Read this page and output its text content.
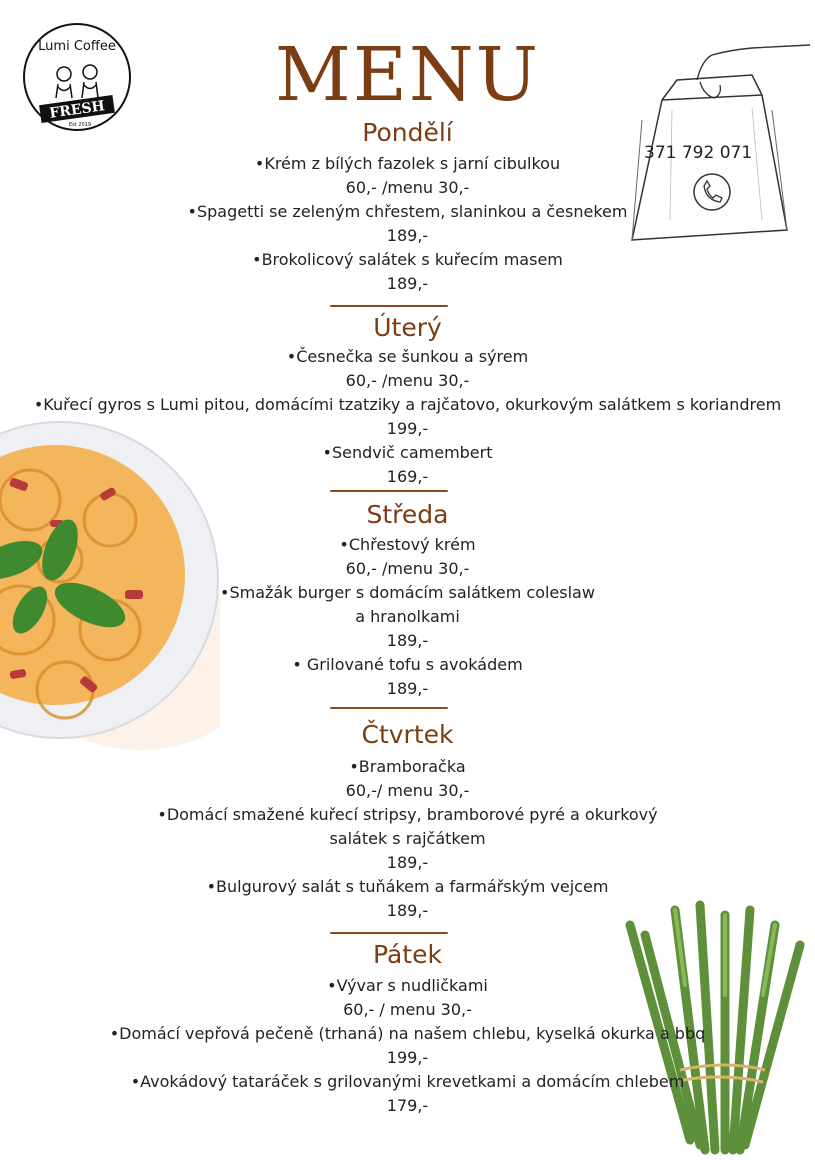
Lumi Coffee
FRESH
Est 2019
MENU
371 792 071
Pondělí
•Krém z bílých fazolek s jarní cibulkou
60,- /menu 30,-
•Spagetti se zeleným chřestem, slaninkou a česnekem
189,-
•Brokolicový salátek s kuřecím masem
189,-
Úterý
•Česnečka se šunkou a sýrem
60,- /menu 30,-
•Kuřecí gyros s Lumi pitou, domácími tzatziky a rajčatovo, okurkovým salátkem s koriandrem
199,-
•Sendvič camembert
169,-
Středa
•Chřestový krém
60,- /menu 30,-
•Smažák burger s domácím salátkem coleslaw
a hranolkami
189,-
• Grilované tofu s avokádem
189,-
Čtvrtek
•Bramboračka
60,-/ menu 30,-
•Domácí smažené kuřecí stripsy, bramborové pyré a okurkový
salátek s rajčátkem
189,-
•Bulgurový salát s tuňákem a farmářským vejcem
189,-
Pátek
•Vývar s nudličkami
60,- / menu 30,-
•Domácí vepřová pečeně (trhaná) na našem chlebu, kyselká okurka a bbq
199,-
•Avokádový tataráček s grilovanými krevetkami a domácím chlebem
179,-
